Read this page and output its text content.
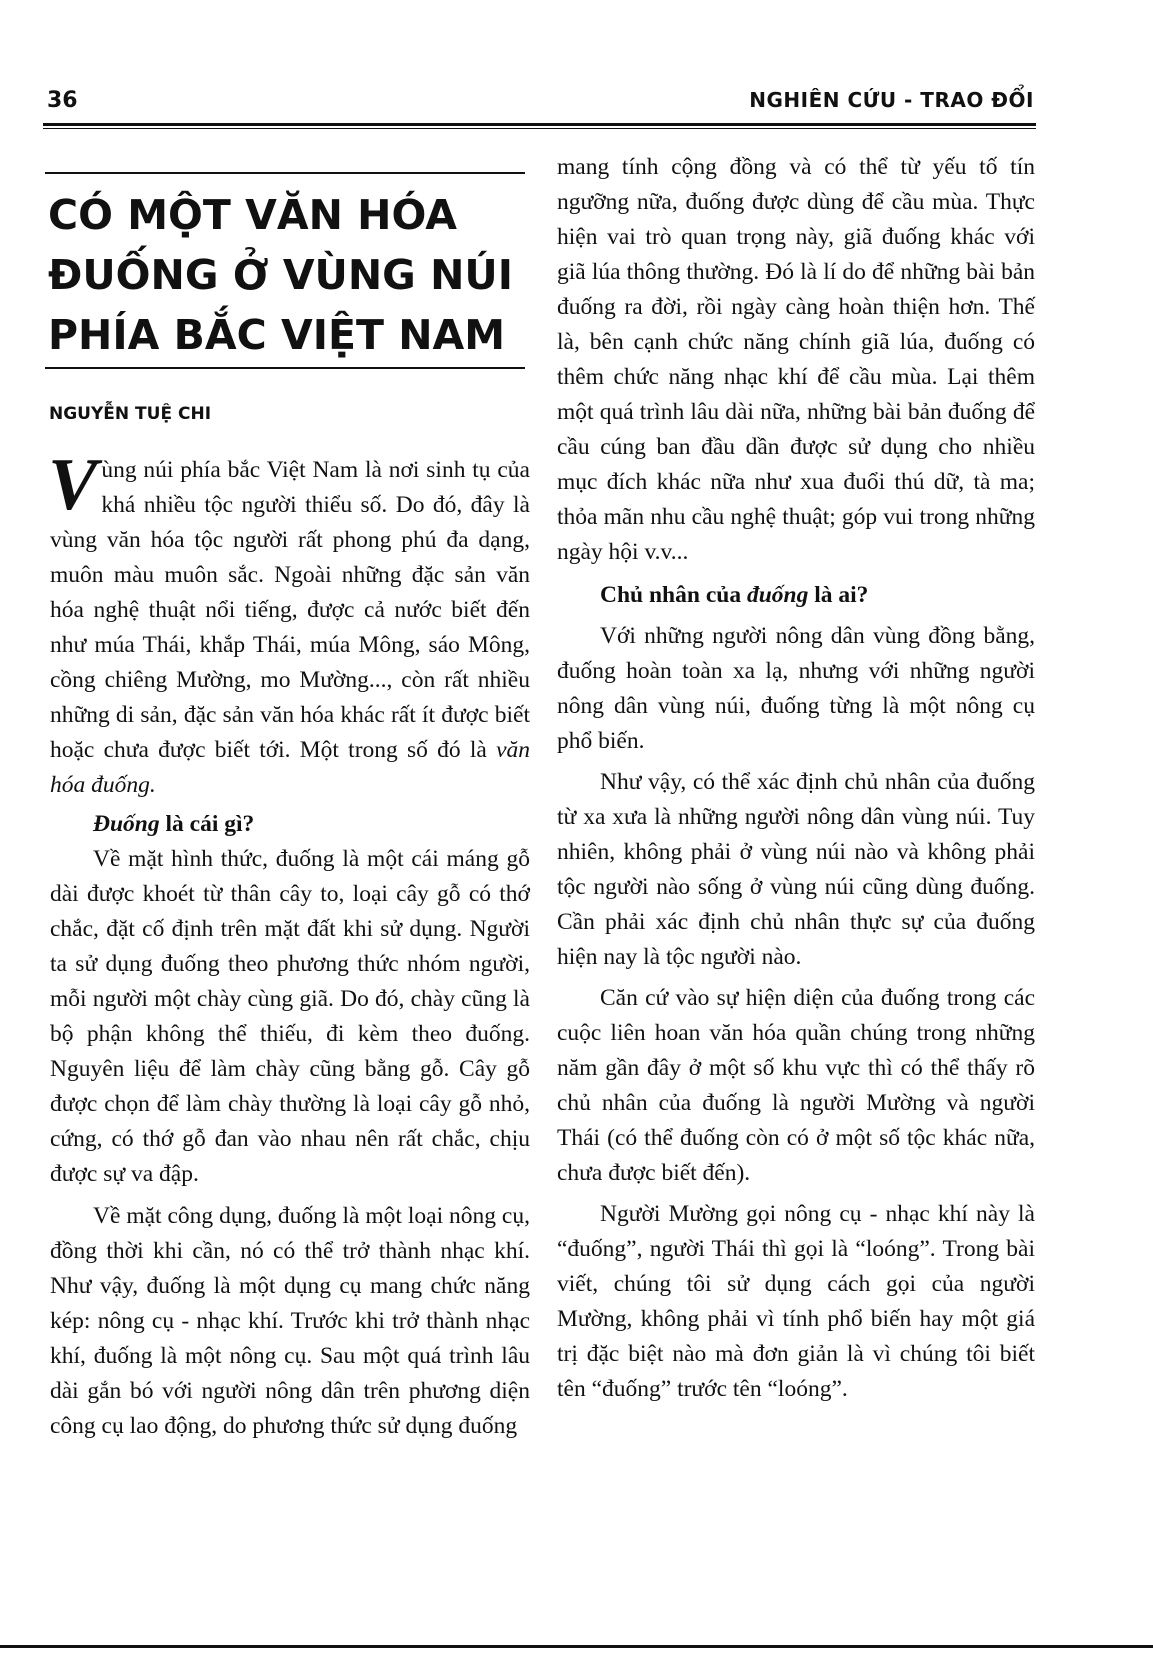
36	NGHIÊN CỨU - TRAO ĐỔI
CÓ MỘT VĂN HÓA
ĐUỐNG Ở VÙNG NÚI
PHÍA BẮC VIỆT NAM

NGUYỄN TUỆ CHI

Vùng núi phía bắc Việt Nam là nơi sinh tụ của khá nhiều tộc người thiểu số. Do đó, đây là vùng văn hóa tộc người rất phong phú đa dạng, muôn màu muôn sắc. Ngoài những đặc sản văn hóa nghệ thuật nổi tiếng, được cả nước biết đến như múa Thái, khắp Thái, múa Mông, sáo Mông, cồng chiêng Mường, mo Mường..., còn rất nhiều những di sản, đặc sản văn hóa khác rất ít được biết hoặc chưa được biết tới. Một trong số đó là văn hóa đuống.

Đuống là cái gì?

Về mặt hình thức, đuống là một cái máng gỗ dài được khoét từ thân cây to, loại cây gỗ có thớ chắc, đặt cố định trên mặt đất khi sử dụng. Người ta sử dụng đuống theo phương thức nhóm người, mỗi người một chày cùng giã. Do đó, chày cũng là bộ phận không thể thiếu, đi kèm theo đuống. Nguyên liệu để làm chày cũng bằng gỗ. Cây gỗ được chọn để làm chày thường là loại cây gỗ nhỏ, cứng, có thớ gỗ đan vào nhau nên rất chắc, chịu được sự va đập.

Về mặt công dụng, đuống là một loại nông cụ, đồng thời khi cần, nó có thể trở thành nhạc khí. Như vậy, đuống là một dụng cụ mang chức năng kép: nông cụ - nhạc khí. Trước khi trở thành nhạc khí, đuống là một nông cụ. Sau một quá trình lâu dài gắn bó với người nông dân trên phương diện công cụ lao động, do phương thức sử dụng đuống

mang tính cộng đồng và có thể từ yếu tố tín ngưỡng nữa, đuống được dùng để cầu mùa. Thực hiện vai trò quan trọng này, giã đuống khác với giã lúa thông thường. Đó là lí do để những bài bản đuống ra đời, rồi ngày càng hoàn thiện hơn. Thế là, bên cạnh chức năng chính giã lúa, đuống có thêm chức năng nhạc khí để cầu mùa. Lại thêm một quá trình lâu dài nữa, những bài bản đuống để cầu cúng ban đầu dần được sử dụng cho nhiều mục đích khác nữa như xua đuổi thú dữ, tà ma; thỏa mãn nhu cầu nghệ thuật; góp vui trong những ngày hội v.v...

Chủ nhân của đuống là ai?

Với những người nông dân vùng đồng bằng, đuống hoàn toàn xa lạ, nhưng với những người nông dân vùng núi, đuống từng là một nông cụ phổ biến.

Như vậy, có thể xác định chủ nhân của đuống từ xa xưa là những người nông dân vùng núi. Tuy nhiên, không phải ở vùng núi nào và không phải tộc người nào sống ở vùng núi cũng dùng đuống. Cần phải xác định chủ nhân thực sự của đuống hiện nay là tộc người nào.

Căn cứ vào sự hiện diện của đuống trong các cuộc liên hoan văn hóa quần chúng trong những năm gần đây ở một số khu vực thì có thể thấy rõ chủ nhân của đuống là người Mường và người Thái (có thể đuống còn có ở một số tộc khác nữa, chưa được biết đến).

Người Mường gọi nông cụ - nhạc khí này là “đuống”, người Thái thì gọi là “loóng”. Trong bài viết, chúng tôi sử dụng cách gọi của người Mường, không phải vì tính phổ biến hay một giá trị đặc biệt nào mà đơn giản là vì chúng tôi biết tên “đuống” trước tên “loóng”.
